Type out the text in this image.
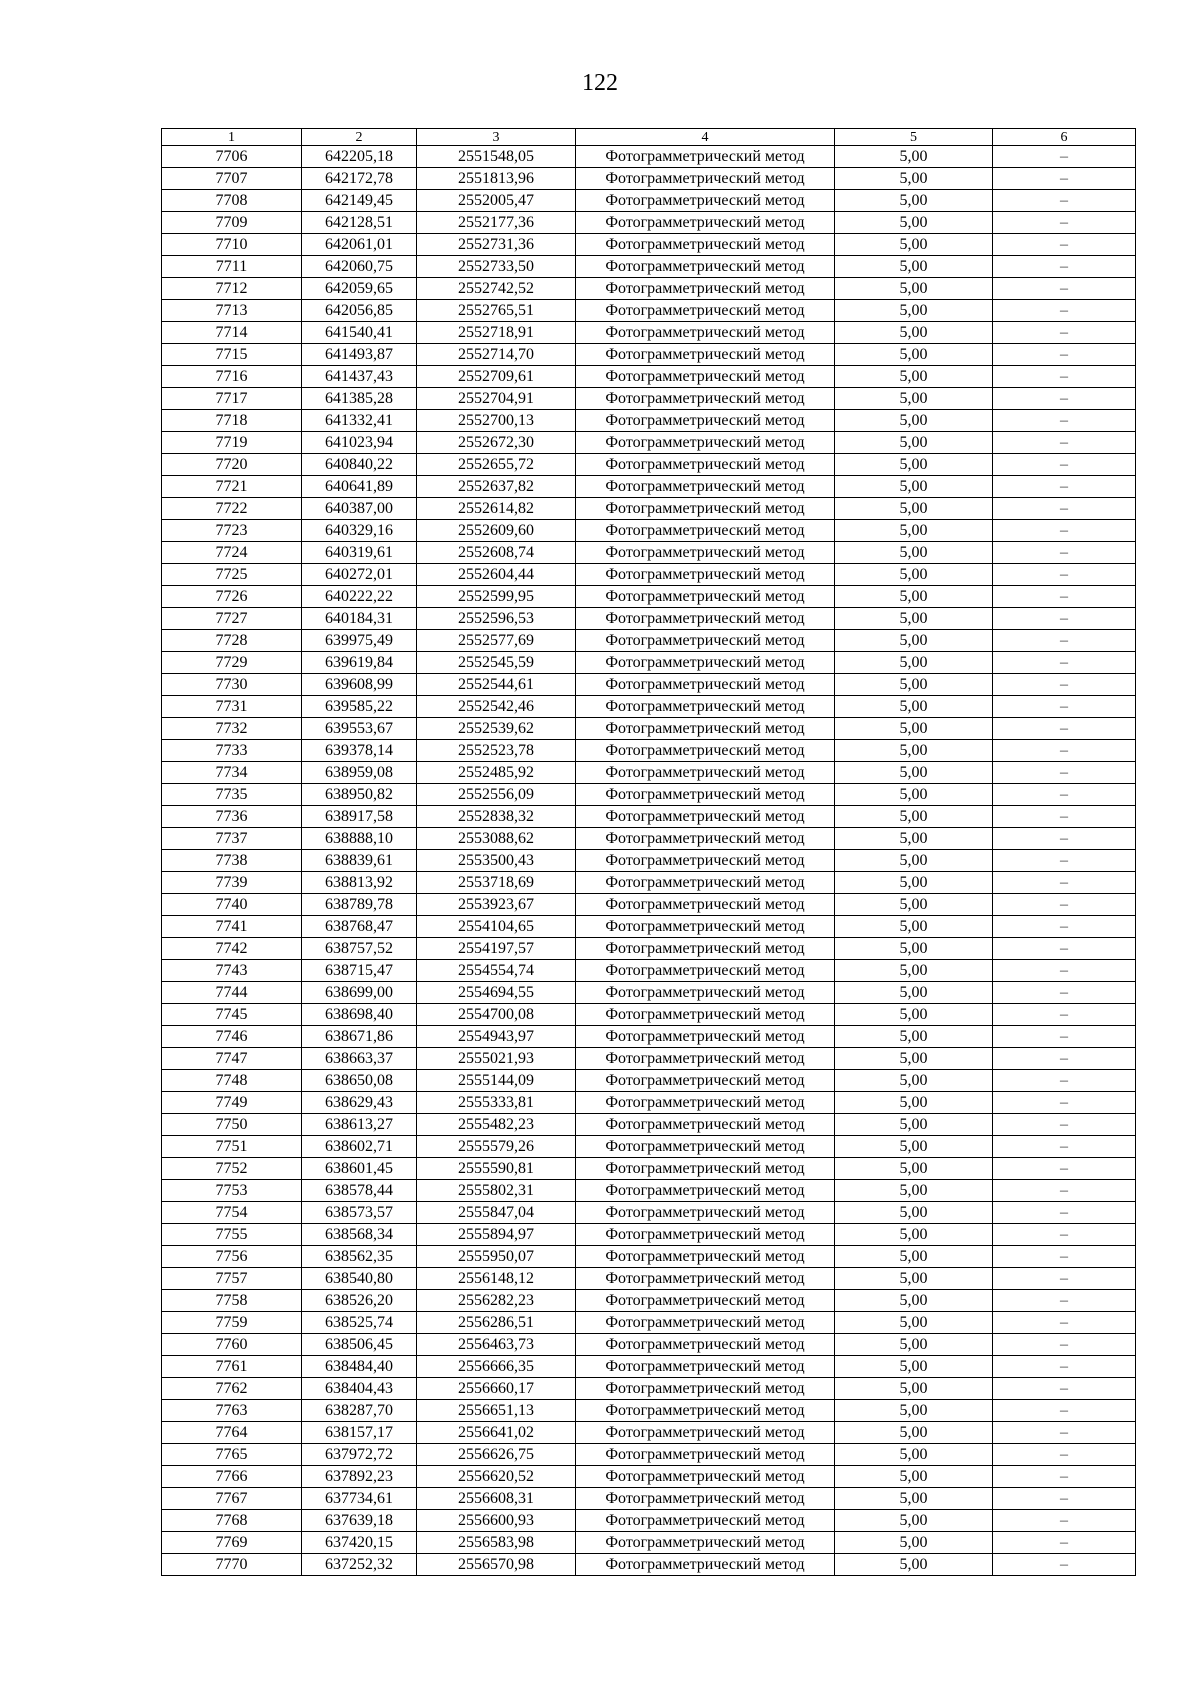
122
1	2	3	4	5	6
7706	642205,18	2551548,05	Фотограмметрический метод	5,00	–
7707	642172,78	2551813,96	Фотограмметрический метод	5,00	–
7708	642149,45	2552005,47	Фотограмметрический метод	5,00	–
7709	642128,51	2552177,36	Фотограмметрический метод	5,00	–
7710	642061,01	2552731,36	Фотограмметрический метод	5,00	–
7711	642060,75	2552733,50	Фотограмметрический метод	5,00	–
7712	642059,65	2552742,52	Фотограмметрический метод	5,00	–
7713	642056,85	2552765,51	Фотограмметрический метод	5,00	–
7714	641540,41	2552718,91	Фотограмметрический метод	5,00	–
7715	641493,87	2552714,70	Фотограмметрический метод	5,00	–
7716	641437,43	2552709,61	Фотограмметрический метод	5,00	–
7717	641385,28	2552704,91	Фотограмметрический метод	5,00	–
7718	641332,41	2552700,13	Фотограмметрический метод	5,00	–
7719	641023,94	2552672,30	Фотограмметрический метод	5,00	–
7720	640840,22	2552655,72	Фотограмметрический метод	5,00	–
7721	640641,89	2552637,82	Фотограмметрический метод	5,00	–
7722	640387,00	2552614,82	Фотограмметрический метод	5,00	–
7723	640329,16	2552609,60	Фотограмметрический метод	5,00	–
7724	640319,61	2552608,74	Фотограмметрический метод	5,00	–
7725	640272,01	2552604,44	Фотограмметрический метод	5,00	–
7726	640222,22	2552599,95	Фотограмметрический метод	5,00	–
7727	640184,31	2552596,53	Фотограмметрический метод	5,00	–
7728	639975,49	2552577,69	Фотограмметрический метод	5,00	–
7729	639619,84	2552545,59	Фотограмметрический метод	5,00	–
7730	639608,99	2552544,61	Фотограмметрический метод	5,00	–
7731	639585,22	2552542,46	Фотограмметрический метод	5,00	–
7732	639553,67	2552539,62	Фотограмметрический метод	5,00	–
7733	639378,14	2552523,78	Фотограмметрический метод	5,00	–
7734	638959,08	2552485,92	Фотограмметрический метод	5,00	–
7735	638950,82	2552556,09	Фотограмметрический метод	5,00	–
7736	638917,58	2552838,32	Фотограмметрический метод	5,00	–
7737	638888,10	2553088,62	Фотограмметрический метод	5,00	–
7738	638839,61	2553500,43	Фотограмметрический метод	5,00	–
7739	638813,92	2553718,69	Фотограмметрический метод	5,00	–
7740	638789,78	2553923,67	Фотограмметрический метод	5,00	–
7741	638768,47	2554104,65	Фотограмметрический метод	5,00	–
7742	638757,52	2554197,57	Фотограмметрический метод	5,00	–
7743	638715,47	2554554,74	Фотограмметрический метод	5,00	–
7744	638699,00	2554694,55	Фотограмметрический метод	5,00	–
7745	638698,40	2554700,08	Фотограмметрический метод	5,00	–
7746	638671,86	2554943,97	Фотограмметрический метод	5,00	–
7747	638663,37	2555021,93	Фотограмметрический метод	5,00	–
7748	638650,08	2555144,09	Фотограмметрический метод	5,00	–
7749	638629,43	2555333,81	Фотограмметрический метод	5,00	–
7750	638613,27	2555482,23	Фотограмметрический метод	5,00	–
7751	638602,71	2555579,26	Фотограмметрический метод	5,00	–
7752	638601,45	2555590,81	Фотограмметрический метод	5,00	–
7753	638578,44	2555802,31	Фотограмметрический метод	5,00	–
7754	638573,57	2555847,04	Фотограмметрический метод	5,00	–
7755	638568,34	2555894,97	Фотограмметрический метод	5,00	–
7756	638562,35	2555950,07	Фотограмметрический метод	5,00	–
7757	638540,80	2556148,12	Фотограмметрический метод	5,00	–
7758	638526,20	2556282,23	Фотограмметрический метод	5,00	–
7759	638525,74	2556286,51	Фотограмметрический метод	5,00	–
7760	638506,45	2556463,73	Фотограмметрический метод	5,00	–
7761	638484,40	2556666,35	Фотограмметрический метод	5,00	–
7762	638404,43	2556660,17	Фотограмметрический метод	5,00	–
7763	638287,70	2556651,13	Фотограмметрический метод	5,00	–
7764	638157,17	2556641,02	Фотограмметрический метод	5,00	–
7765	637972,72	2556626,75	Фотограмметрический метод	5,00	–
7766	637892,23	2556620,52	Фотограмметрический метод	5,00	–
7767	637734,61	2556608,31	Фотограмметрический метод	5,00	–
7768	637639,18	2556600,93	Фотограмметрический метод	5,00	–
7769	637420,15	2556583,98	Фотограмметрический метод	5,00	–
7770	637252,32	2556570,98	Фотограмметрический метод	5,00	–
